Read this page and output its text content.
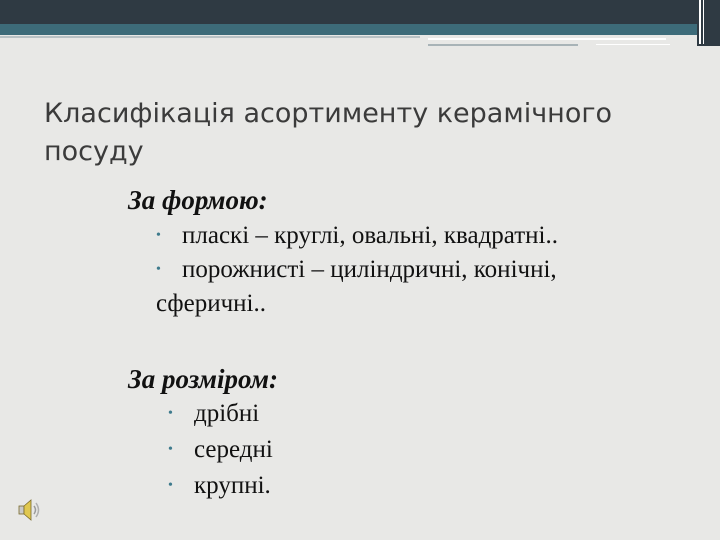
Класифікація асортименту керамічного посуду
За формою:
• пласкі – круглі, овальні, квадратні..
• порожнисті – циліндричні, конічні,
сферичні..
За розміром:
• дрібні
• середні
• крупні.
